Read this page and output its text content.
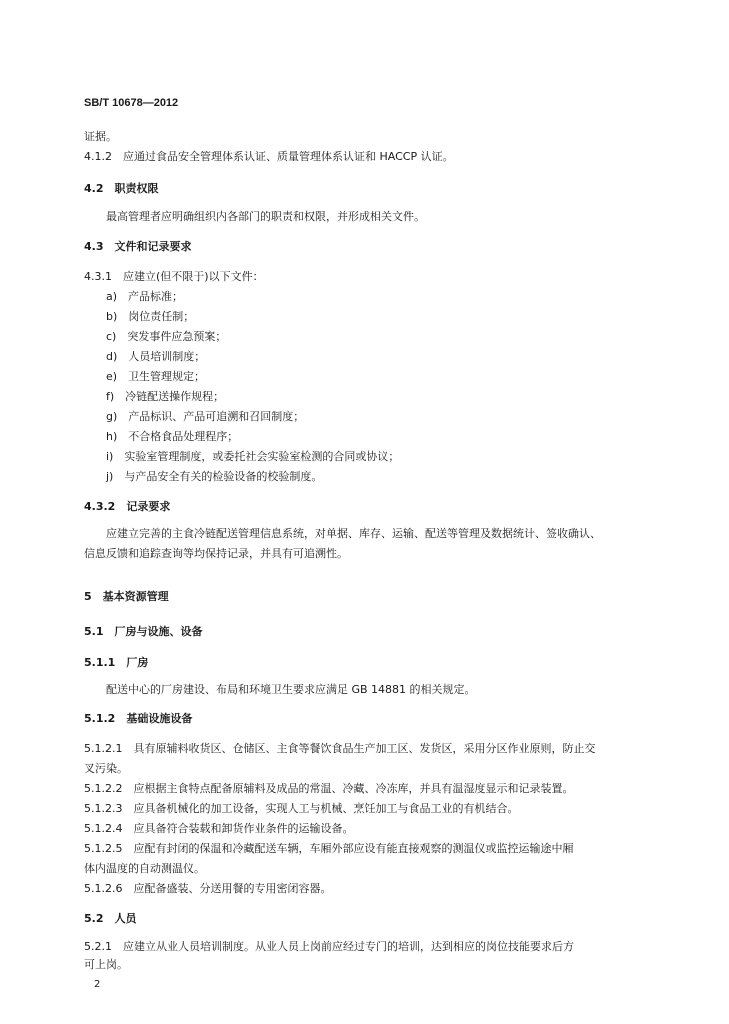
SB/T 10678—2012
证据。
4.1.2　应通过食品安全管理体系认证、质量管理体系认证和 HACCP 认证。
4.2　职责权限
最高管理者应明确组织内各部门的职责和权限，并形成相关文件。
4.3　文件和记录要求
4.3.1　应建立(但不限于)以下文件：
a)　产品标准；
b)　岗位责任制；
c)　突发事件应急预案；
d)　人员培训制度；
e)　卫生管理规定；
f)　冷链配送操作规程；
g)　产品标识、产品可追溯和召回制度；
h)　不合格食品处理程序；
i)　实验室管理制度，或委托社会实验室检测的合同或协议；
j)　与产品安全有关的检验设备的校验制度。
4.3.2　记录要求
应建立完善的主食冷链配送管理信息系统，对单据、库存、运输、配送等管理及数据统计、签收确认、
信息反馈和追踪查询等均保持记录，并具有可追溯性。
5　基本资源管理
5.1　厂房与设施、设备
5.1.1　厂房
配送中心的厂房建设、布局和环境卫生要求应满足 GB 14881 的相关规定。
5.1.2　基础设施设备
5.1.2.1　具有原辅料收货区、仓储区、主食等餐饮食品生产加工区、发货区，采用分区作业原则，防止交
叉污染。
5.1.2.2　应根据主食特点配备原辅料及成品的常温、冷藏、冷冻库，并具有温湿度显示和记录装置。
5.1.2.3　应具备机械化的加工设备，实现人工与机械、烹饪加工与食品工业的有机结合。
5.1.2.4　应具备符合装载和卸货作业条件的运输设备。
5.1.2.5　应配有封闭的保温和冷藏配送车辆，车厢外部应设有能直接观察的测温仪或监控运输途中厢
体内温度的自动测温仪。
5.1.2.6　应配备盛装、分送用餐的专用密闭容器。
5.2　人员
5.2.1　应建立从业人员培训制度。从业人员上岗前应经过专门的培训，达到相应的岗位技能要求后方
可上岗。
2
